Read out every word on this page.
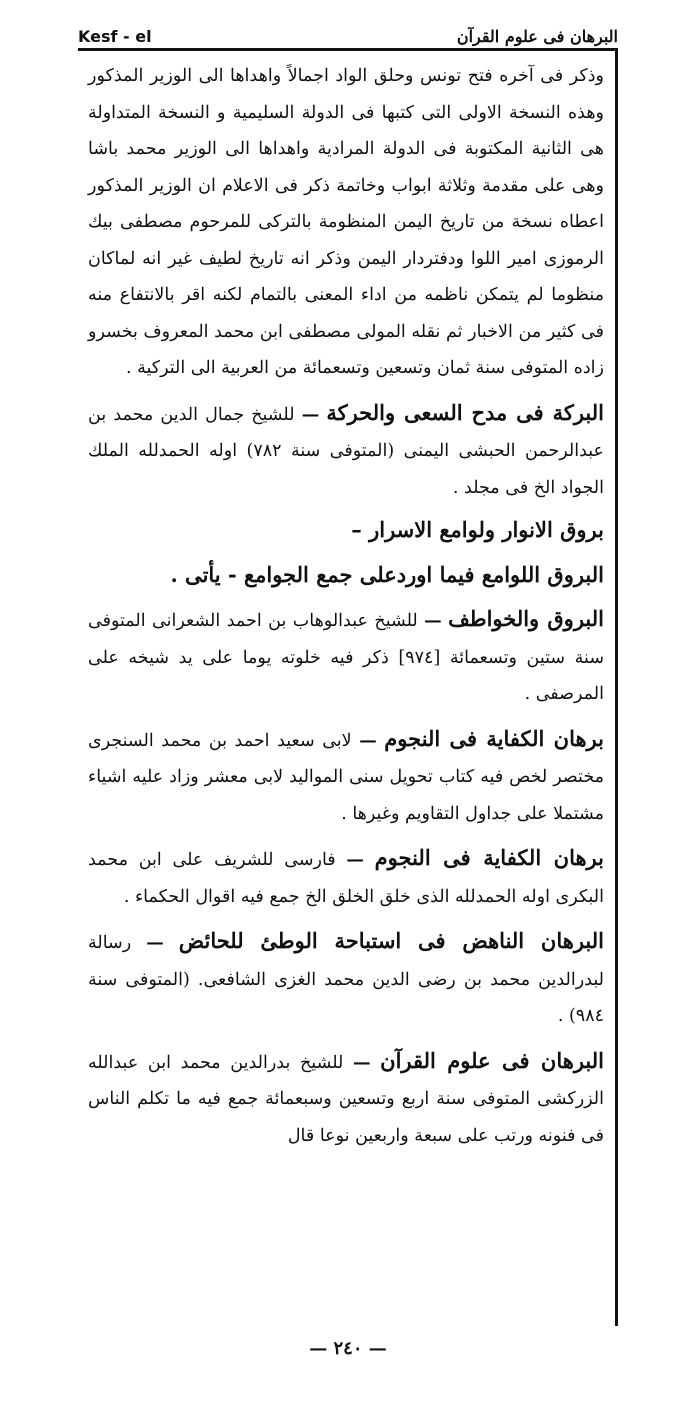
Kesf - el	البرهان فى علوم القرآن

وذكر فى آخره فتح تونس وحلق الواد اجمالاً واهداها الى الوزير المذكور وهذه النسخة الاولى التى كتبها فى الدولة السليمية و النسخة المتداولة هى الثانية المكتوبة فى الدولة المرادية واهداها الى الوزير محمد باشا وهى على مقدمة وثلاثة ابواب وخاتمة ذكر فى الاعلام ان الوزير المذكور اعطاه نسخة من تاريخ اليمن المنظومة بالتركى للمرحوم مصطفى بيك الرموزى امير اللوا ودفتردار اليمن وذكر انه تاريخ لطيف غير انه لماكان منظوما لم يتمكن ناظمه من اداء المعنى بالتمام لكنه اقر بالانتفاع منه فى كثير من الاخبار ثم نقله المولى مصطفى ابن محمد المعروف بخسرو زاده المتوفى سنة ثمان وتسعين وتسعمائة من العربية الى التركية .

البركة فى مدح السعى والحركة — للشيخ جمال الدين محمد بن عبدالرحمن الحبشى اليمنى (المتوفى سنة ٧٨٢) اوله الحمدلله الملك الجواد الخ فى مجلد .

بروق الانوار ولوامع الاسرار –

البروق اللوامع فيما اوردعلى جمع الجوامع - يأتى .

البروق والخواطف — للشيخ عبدالوهاب بن احمد الشعرانى المتوفى سنة ستين وتسعمائة [٩٧٤] ذكر فيه خلوته يوما على يد شيخه على المرصفى .

برهان الكفاية فى النجوم — لابى سعيد احمد بن محمد السنجرى مختصر لخص فيه كتاب تحويل سنى المواليد لابى معشر وزاد عليه اشياء مشتملا على جداول التقاويم وغيرها .

برهان الكفاية فى النجوم — فارسى للشريف على ابن محمد البكرى اوله الحمدلله الذى خلق الخلق الخ جمع فيه اقوال الحكماء .

البرهان الناهض فى استباحة الوطئ للحائض — رسالة لبدرالدين محمد بن رضى الدين محمد الغزى الشافعى. (المتوفى سنة ٩٨٤) .

البرهان فى علوم القرآن — للشيخ بدرالدين محمد ابن عبدالله الزركشى المتوفى سنة اربع وتسعين وسبعمائة جمع فيه ما تكلم الناس فى فنونه ورتب على سبعة واربعين نوعا قال

— ٢٤٠ —
